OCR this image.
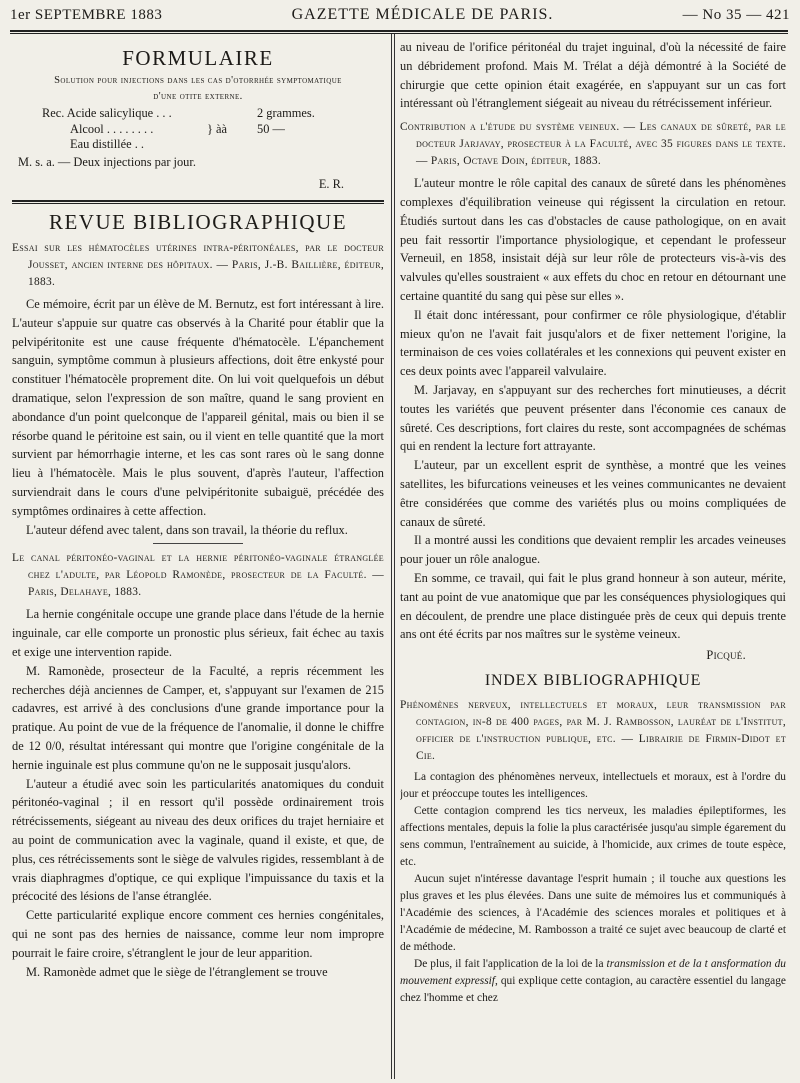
1er SEPTEMBRE 1883	GAZETTE MÉDICALE DE PARIS.	— No 35 — 421
FORMULAIRE
Solution pour injections dans les cas d'otorrhée symptomatique
d'une otite externe.
Rec. Acide salicylique . . .	2 grammes.
Alcool . . . . . . . .	} àà	50 —
Eau distillée . .

M. s. a. — Deux injections par jour.

E. R.
REVUE BIBLIOGRAPHIQUE

Essai sur les hématocèles utérines intra-péritonéales, par le docteur Jousset, ancien interne des hôpitaux. — Paris, J.-B. Baillière, éditeur, 1883.

Ce mémoire, écrit par un élève de M. Bernutz, est fort intéressant à lire. L'auteur s'appuie sur quatre cas observés à la Charité pour établir que la pelvipéritonite est une cause fréquente d'hématocèle. L'épanchement sanguin, symptôme commun à plusieurs affections, doit être enkysté pour constituer l'hématocèle proprement dite. On lui voit quelquefois un début dramatique, selon l'expression de son maître, quand le sang provient en abondance d'un point quelconque de l'appareil génital, mais ou bien il se résorbe quand le péritoine est sain, ou il vient en telle quantité que la mort survient par hémorrhagie interne, et les cas sont rares où le sang donne lieu à l'hématocèle. Mais le plus souvent, d'après l'auteur, l'affection surviendrait dans le cours d'une pelvipéritonite subaiguë, précédée des symptômes ordinaires à cette affection.

L'auteur défend avec talent, dans son travail, la théorie du reflux.

Le canal péritonéo-vaginal et la hernie péritonéo-vaginale étranglée chez l'adulte, par Léopold Ramonède, prosecteur de la Faculté. — Paris, Delahaye, 1883.

La hernie congénitale occupe une grande place dans l'étude de la hernie inguinale, car elle comporte un pronostic plus sérieux, fait échec au taxis et exige une intervention rapide.

M. Ramonède, prosecteur de la Faculté, a repris récemment les recherches déjà anciennes de Camper, et, s'appuyant sur l'examen de 215 cadavres, est arrivé à des conclusions d'une grande importance pour la pratique. Au point de vue de la fréquence de l'anomalie, il donne le chiffre de 12 0/0, résultat intéressant qui montre que l'origine congénitale de la hernie inguinale est plus commune qu'on ne le supposait jusqu'alors.

L'auteur a étudié avec soin les particularités anatomiques du conduit péritonéo-vaginal ; il en ressort qu'il possède ordinairement trois rétrécissements, siégeant au niveau des deux orifices du trajet herniaire et au point de communication avec la vaginale, quand il existe, et que, de plus, ces rétrécissements sont le siège de valvules rigides, ressemblant à de vrais diaphragmes d'optique, ce qui explique l'impuissance du taxis et la précocité des lésions de l'anse étranglée.

Cette particularité explique encore comment ces hernies congénitales, qui ne sont pas des hernies de naissance, comme leur nom impropre pourrait le faire croire, s'étranglent le jour de leur apparition.

M. Ramonède admet que le siège de l'étranglement se trouve

au niveau de l'orifice péritonéal du trajet inguinal, d'où la nécessité de faire un débridement profond. Mais M. Trélat a déjà démontré à la Société de chirurgie que cette opinion était exagérée, en s'appuyant sur un cas fort intéressant où l'étranglement siégeait au niveau du rétrécissement inférieur.

Contribution a l'étude du système veineux. — Les canaux de sûreté, par le docteur Jarjavay, prosecteur à la Faculté, avec 35 figures dans le texte. — Paris, Octave Doin, éditeur, 1883.

L'auteur montre le rôle capital des canaux de sûreté dans les phénomènes complexes d'équilibration veineuse qui régissent la circulation en retour. Étudiés surtout dans les cas d'obstacles de cause pathologique, on en avait peu fait ressortir l'importance physiologique, et cependant le professeur Verneuil, en 1858, insistait déjà sur leur rôle de protecteurs vis-à-vis des valvules qu'elles soustraient « aux effets du choc en retour en détournant une certaine quantité du sang qui pèse sur elles ».

Il était donc intéressant, pour confirmer ce rôle physiologique, d'établir mieux qu'on ne l'avait fait jusqu'alors et de fixer nettement l'origine, la terminaison de ces voies collatérales et les connexions qui peuvent exister en ces deux points avec l'appareil valvulaire.

M. Jarjavay, en s'appuyant sur des recherches fort minutieuses, a décrit toutes les variétés que peuvent présenter dans l'économie ces canaux de sûreté. Ces descriptions, fort claires du reste, sont accompagnées de schémas qui en rendent la lecture fort attrayante.

L'auteur, par un excellent esprit de synthèse, a montré que les veines satellites, les bifurcations veineuses et les veines communicantes ne devaient être considérées que comme des variétés plus ou moins compliquées de canaux de sûreté.

Il a montré aussi les conditions que devaient remplir les arcades veineuses pour jouer un rôle analogue.

En somme, ce travail, qui fait le plus grand honneur à son auteur, mérite, tant au point de vue anatomique que par les conséquences physiologiques qui en découlent, de prendre une place distinguée près de ceux qui depuis trente ans ont été écrits par nos maîtres sur le système veineux.

Picqué.
INDEX BIBLIOGRAPHIQUE

Phénomènes nerveux, intellectuels et moraux, leur transmission par contagion, in-8 de 400 pages, par M. J. Rambosson, lauréat de l'Institut, officier de l'instruction publique, etc. — Librairie de Firmin-Didot et Cie.

La contagion des phénomènes nerveux, intellectuels et moraux, est à l'ordre du jour et préoccupe toutes les intelligences.

Cette contagion comprend les tics nerveux, les maladies épileptiformes, les affections mentales, depuis la folie la plus caractérisée jusqu'au simple égarement du sens commun, l'entraînement au suicide, à l'homicide, aux crimes de toute espèce, etc.

Aucun sujet n'intéresse davantage l'esprit humain ; il touche aux questions les plus graves et les plus élevées. Dans une suite de mémoires lus et communiqués à l'Académie des sciences, à l'Académie des sciences morales et politiques et à l'Académie de médecine, M. Rambosson a traité ce sujet avec beaucoup de clarté et de méthode.

De plus, il fait l'application de la loi de la transmission et de la t ansformation du mouvement expressif, qui explique cette contagion, au caractère essentiel du langage chez l'homme et chez
